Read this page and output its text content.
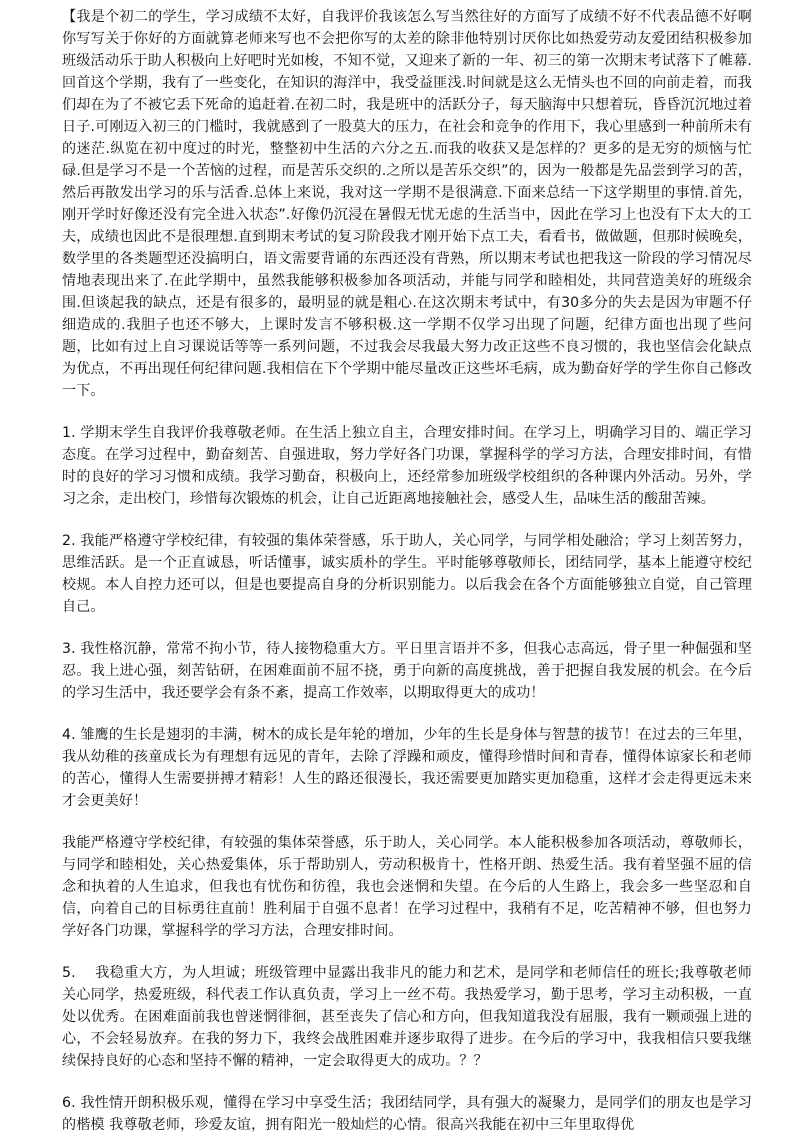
【我是个初二的学生，学习成绩不太好，自我评价我该怎么写当然往好的方面写了成绩不好不代表品德不好啊你写写关于你好的方面就算老师来写也不会把你写的太差的除非他特别讨厌你比如热爱劳动友爱团结积极参加班级活动乐于助人积极向上好吧时光如梭，不知不觉，又迎来了新的一年、初三的第一次期末考试落下了帷幕.回首这个学期，我有了一些变化，在知识的海洋中，我受益匪浅.时间就是这么无情头也不回的向前走着，而我们却在为了不被它丢下死命的追赶着.在初二时，我是班中的活跃分子，每天脑海中只想着玩，昏昏沉沉地过着日子.可刚迈入初三的门槛时，我就感到了一股莫大的压力，在社会和竞争的作用下，我心里感到一种前所未有的迷茫.纵览在初中度过的时光，整整初中生活的六分之五.而我的收获又是怎样的？更多的是无穷的烦恼与忙碌.但是学习不是一个苦恼的过程，而是苦乐交织的.之所以是苦乐交织”的，因为一般都是先品尝到学习的苦，然后再散发出学习的乐与活香.总体上来说，我对这一学期不是很满意.下面来总结一下这学期里的事情.首先，刚开学时好像还没有完全进入状态”.好像仍沉浸在暑假无忧无虑的生活当中，因此在学习上也没有下太大的工夫，成绩也因此不是很理想.直到期末考试的复习阶段我才刚开始下点工夫，看看书，做做题，但那时候晚矣，数学里的各类题型还没搞明白，语文需要背诵的东西还没有背熟，所以期末考试也把我这一阶段的学习情况尽情地表现出来了.在此学期中，虽然我能够积极参加各项活动，并能与同学和睦相处，共同营造美好的班级余围.但谈起我的缺点，还是有很多的，最明显的就是粗心.在这次期末考试中，有30多分的失去是因为审题不仔细造成的.我胆子也还不够大，上课时发言不够积极.这一学期不仅学习出现了问题，纪律方面也出现了些问题，比如有过上自习课说话等等一系列问题，不过我会尽我最大努力改正这些不良习惯的，我也坚信会化缺点为优点，不再出现任何纪律问题.我相信在下个学期中能尽量改正这些坏毛病，成为勤奋好学的学生你自己修改一下。

1. 学期末学生自我评价我尊敬老师。在生活上独立自主，合理安排时间。在学习上，明确学习目的、端正学习态度。在学习过程中，勤奋刻苦、自强进取，努力学好各门功课，掌握科学的学习方法，合理安排时间，有惜时的良好的学习习惯和成绩。我学习勤奋，积极向上，还经常参加班级学校组织的各种课内外活动。另外，学习之余，走出校门，珍惜每次锻炼的机会，让自己近距离地接触社会，感受人生，品味生活的酸甜苦辣。

2. 我能严格遵守学校纪律，有较强的集体荣誉感，乐于助人，关心同学，与同学相处融洽；学习上刻苦努力，思维活跃。是一个正直诚恳，听话懂事，诚实质朴的学生。平时能够尊敬师长，团结同学，基本上能遵守校纪校规。本人自控力还可以，但是也要提高自身的分析识别能力。以后我会在各个方面能够独立自觉，自己管理自己。

3. 我性格沉静，常常不拘小节，待人接物稳重大方。平日里言语并不多，但我心志高远，骨子里一种倔强和坚忍。我上进心强，刻苦钻研，在困难面前不屈不挠，勇于向新的高度挑战，善于把握自我发展的机会。在今后的学习生活中，我还要学会有条不紊，提高工作效率，以期取得更大的成功！

4. 雏鹰的生长是翅羽的丰满，树木的成长是年轮的增加，少年的生长是身体与智慧的拔节！在过去的三年里，我从幼稚的孩童成长为有理想有远见的青年，去除了浮躁和顽皮，懂得珍惜时间和青春，懂得体谅家长和老师的苦心，懂得人生需要拼搏才精彩！人生的路还很漫长，我还需要更加踏实更加稳重，这样才会走得更远未来才会更美好！

我能严格遵守学校纪律，有较强的集体荣誉感，乐于助人，关心同学。本人能积极参加各项活动，尊敬师长，与同学和睦相处，关心热爱集体，乐于帮助别人，劳动积极肯十，性格开朗、热爱生活。我有着坚强不屈的信念和执着的人生追求，但我也有忧伤和彷徨，我也会迷惘和失望。在今后的人生路上，我会多一些坚忍和自信，向着自己的目标勇往直前！胜利届于自强不息者！在学习过程中，我稍有不足，吃苦精神不够，但也努力学好各门功课，掌握科学的学习方法，合理安排时间。

5.　 我稳重大方，为人坦诚；班级管理中显露出我非凡的能力和艺术，是同学和老师信任的班长;我尊敬老师关心同学，热爱班级，科代表工作认真负责，学习上一丝不苟。我热爱学习，勤于思考，学习主动积极，一直处以优秀。在困难面前我也曾迷惘徘徊，甚至丧失了信心和方向，但我知道我没有屈服，我有一颗顽强上进的心，不会轻易放弃。在我的努力下，我终会战胜困难并逐步取得了进步。在今后的学习中，我我相信只要我继续保持良好的心态和坚持不懈的精神，一定会取得更大的成功。？？

6. 我性情开朗积极乐观，懂得在学习中享受生活；我团结同学，具有强大的凝聚力，是同学们的朋友也是学习的楷模 我尊敬老师，珍爱友谊，拥有阳光一般灿烂的心情。很高兴我能在初中三年里取得优
